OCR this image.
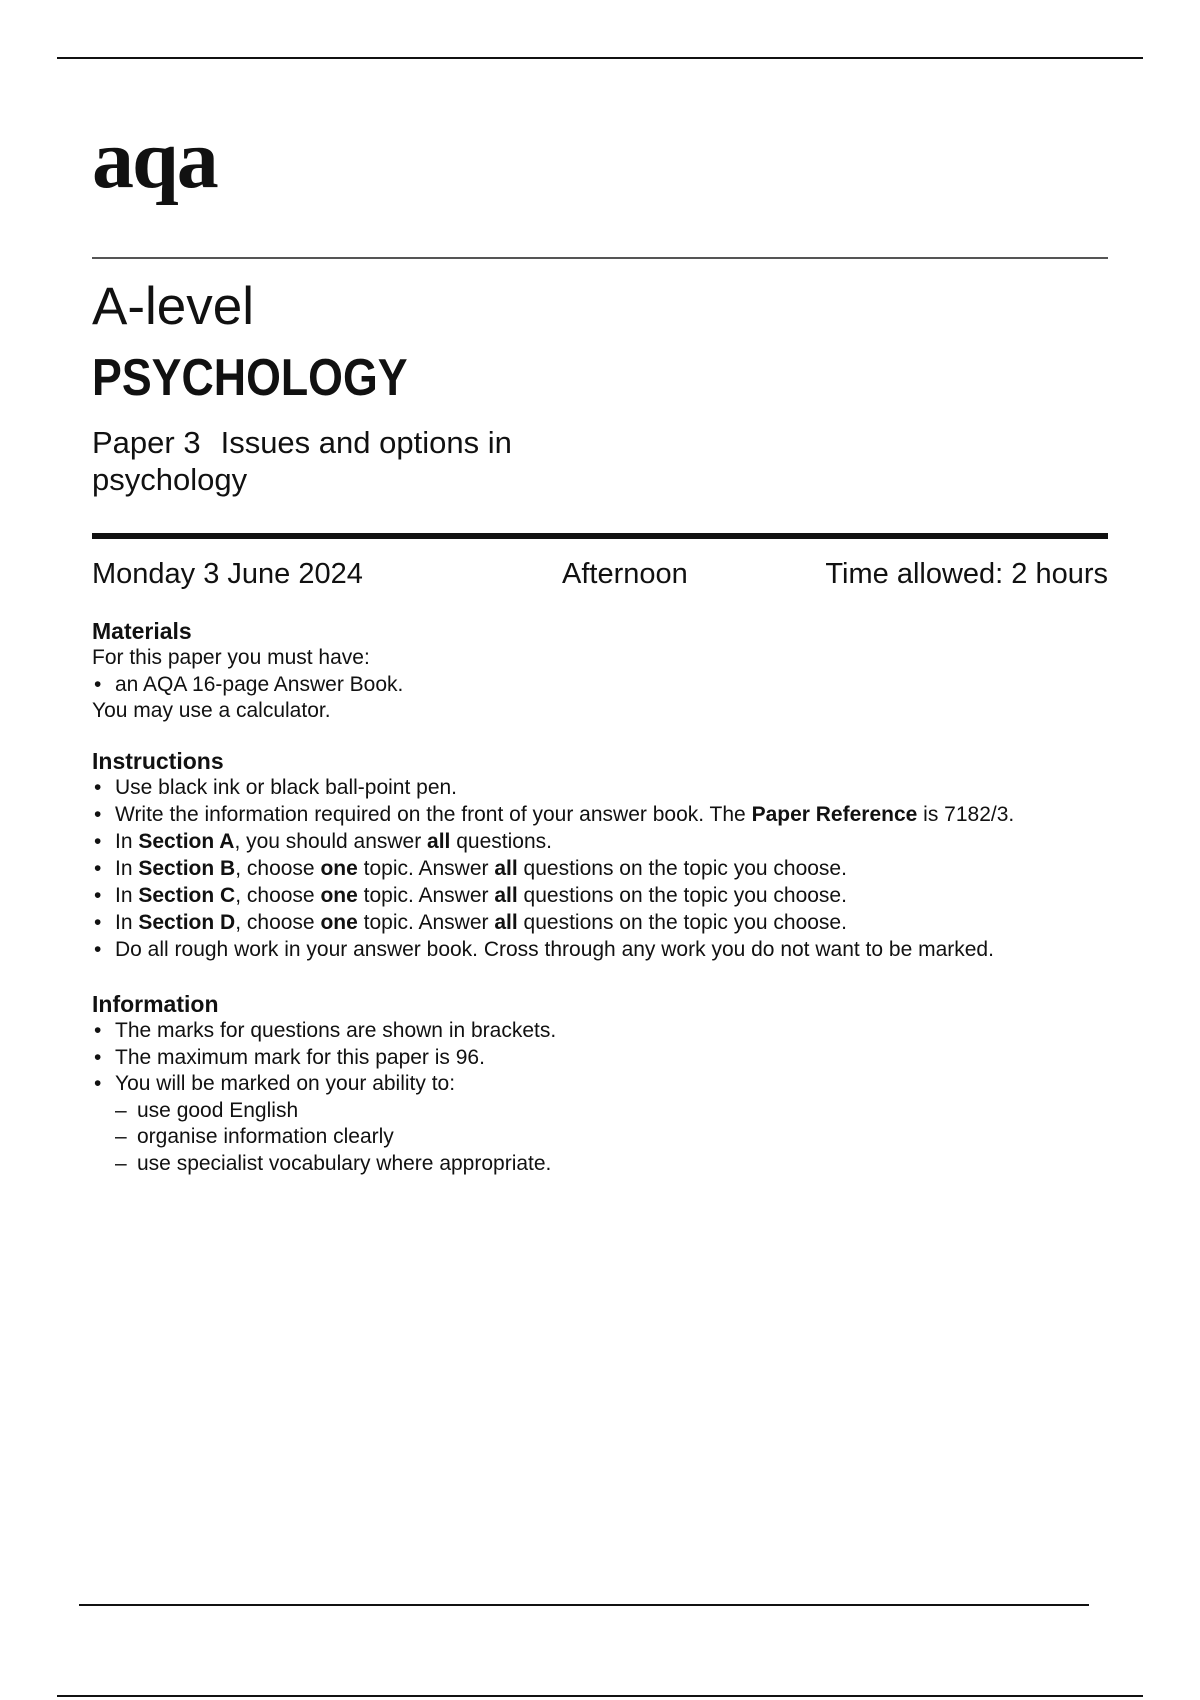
aqa
A-level
PSYCHOLOGY
Paper 3 Issues and options in psychology
Monday 3 June 2024	Afternoon	Time allowed: 2 hours
Materials

For this paper you must have:

• an AQA 16-page Answer Book.

You may use a calculator.

Instructions
• Use black ink or black ball-point pen.
• Write the information required on the front of your answer book. The Paper Reference is 7182/3.
• In Section A, you should answer all questions.
• In Section B, choose one topic. Answer all questions on the topic you choose.
• In Section C, choose one topic. Answer all questions on the topic you choose.
• In Section D, choose one topic. Answer all questions on the topic you choose.
• Do all rough work in your answer book. Cross through any work you do not want to be marked.
Information
• The marks for questions are shown in brackets.
• The maximum mark for this paper is 96.
• You will be marked on your ability to:
– use good English
– organise information clearly
– use specialist vocabulary where appropriate.
